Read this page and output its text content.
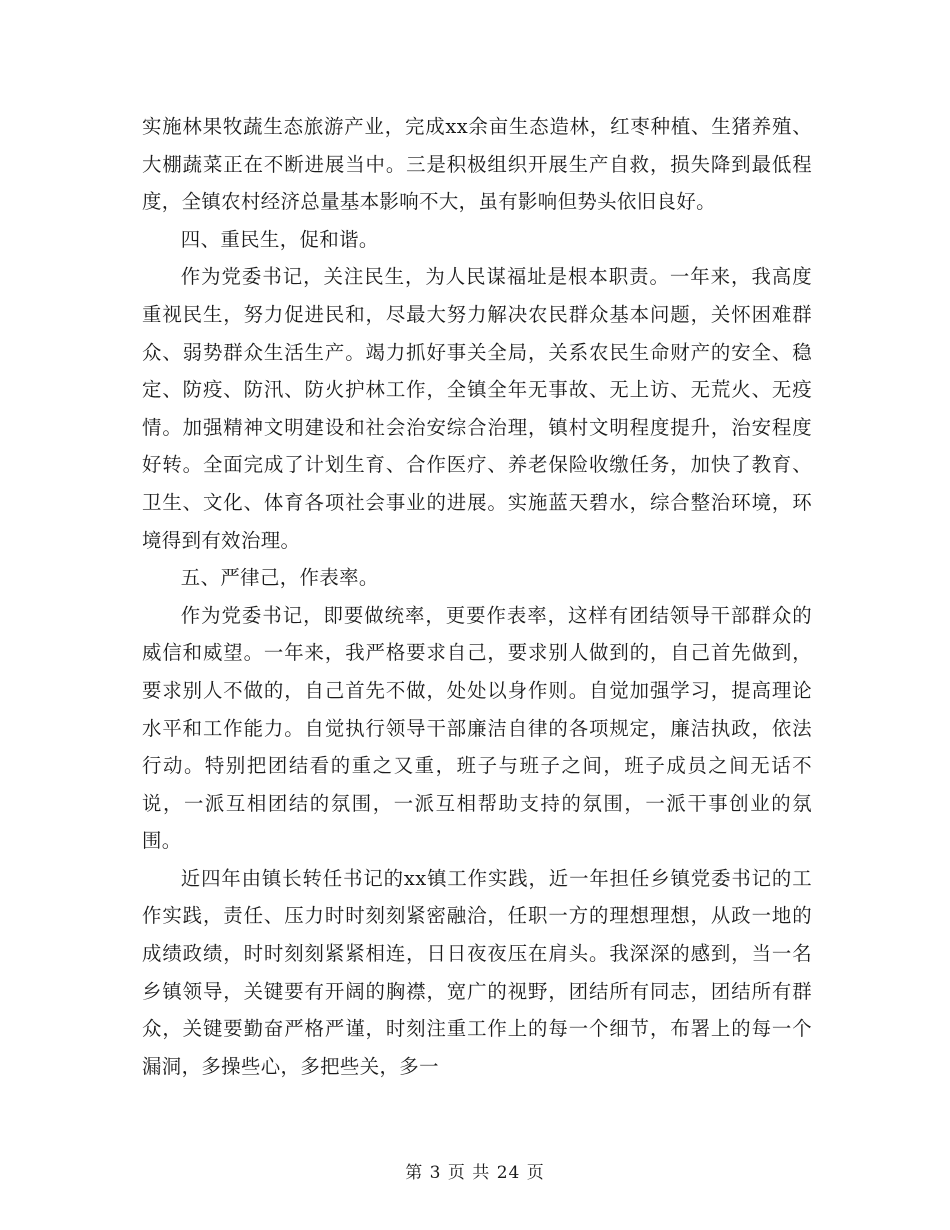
实施林果牧蔬生态旅游产业，完成xx余亩生态造林，红枣种植、生猪养殖、大棚蔬菜正在不断进展当中。三是积极组织开展生产自救，损失降到最低程度，全镇农村经济总量基本影响不大，虽有影响但势头依旧良好。

四、重民生，促和谐。

作为党委书记，关注民生，为人民谋福址是根本职责。一年来，我高度重视民生，努力促进民和，尽最大努力解决农民群众基本问题，关怀困难群众、弱势群众生活生产。竭力抓好事关全局，关系农民生命财产的安全、稳定、防疫、防汛、防火护林工作，全镇全年无事故、无上访、无荒火、无疫情。加强精神文明建设和社会治安综合治理，镇村文明程度提升，治安程度好转。全面完成了计划生育、合作医疗、养老保险收缴任务，加快了教育、卫生、文化、体育各项社会事业的进展。实施蓝天碧水，综合整治环境，环境得到有效治理。

五、严律己，作表率。

作为党委书记，即要做统率，更要作表率，这样有团结领导干部群众的威信和威望。一年来，我严格要求自己，要求别人做到的，自己首先做到，要求别人不做的，自己首先不做，处处以身作则。自觉加强学习，提高理论水平和工作能力。自觉执行领导干部廉洁自律的各项规定，廉洁执政，依法行动。特别把团结看的重之又重，班子与班子之间，班子成员之间无话不说，一派互相团结的氛围，一派互相帮助支持的氛围，一派干事创业的氛围。

近四年由镇长转任书记的xx镇工作实践，近一年担任乡镇党委书记的工作实践，责任、压力时时刻刻紧密融洽，任职一方的理想理想，从政一地的成绩政绩，时时刻刻紧紧相连，日日夜夜压在肩头。我深深的感到，当一名乡镇领导，关键要有开阔的胸襟，宽广的视野，团结所有同志，团结所有群众，关键要勤奋严格严谨，时刻注重工作上的每一个细节，布署上的每一个漏洞，多操些心，多把些关，多一

第 3 页 共 24 页
